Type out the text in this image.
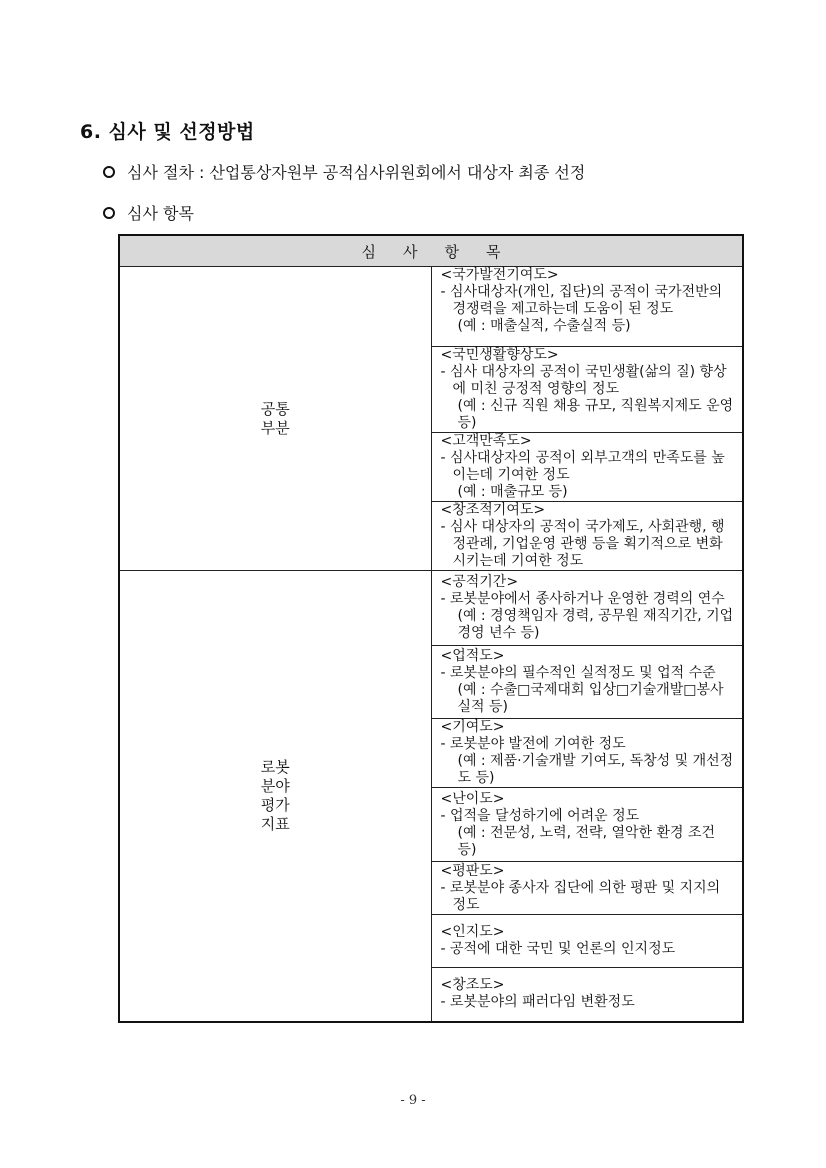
6. 심사 및 선정방법
심사 절차 : 산업통상자원부 공적심사위원회에서 대상자 최종 선정
심사 항목
심사항목	
공통
부분	<국가발전기여도>
- 심사대상자(개인, 집단)의 공적이 국가전반의 경쟁력을 제고하는데 도움이 된 정도
(예 : 매출실적, 수출실적 등)

	<국민생활향상도>
- 심사 대상자의 공적이 국민생활(삶의 질) 향상에 미친 긍정적 영향의 정도
(예 : 신규 직원 채용 규모, 직원복지제도 운영 등)

	<고객만족도>
- 심사대상자의 공적이 외부고객의 만족도를 높이는데 기여한 정도
(예 : 매출규모 등)

	<창조적기여도>
- 심사 대상자의 공적이 국가제도, 사회관행, 행정관례, 기업운영 관행 등을 획기적으로 변화시키는데 기여한 정도

로봇
분야
평가
지표	<공적기간>
- 로봇분야에서 종사하거나 운영한 경력의 연수
(예 : 경영책임자 경력, 공무원 재직기간, 기업경영 년수 등)

	<업적도>
- 로봇분야의 필수적인 실적정도 및 업적 수준
(예 : 수출□국제대회 입상□기술개발□봉사실적 등)

	<기여도>
- 로봇분야 발전에 기여한 정도
(예 : 제품·기술개발 기여도, 독창성 및 개선정도 등)

	<난이도>
- 업적을 달성하기에 어려운 정도
(예 : 전문성, 노력, 전략, 열악한 환경 조건 등)

	<평판도>
- 로봇분야 종사자 집단에 의한 평판 및 지지의 정도

	<인지도>
- 공적에 대한 국민 및 언론의 인지정도

	<창조도>
- 로봇분야의 패러다임 변환정도
- 9 -
